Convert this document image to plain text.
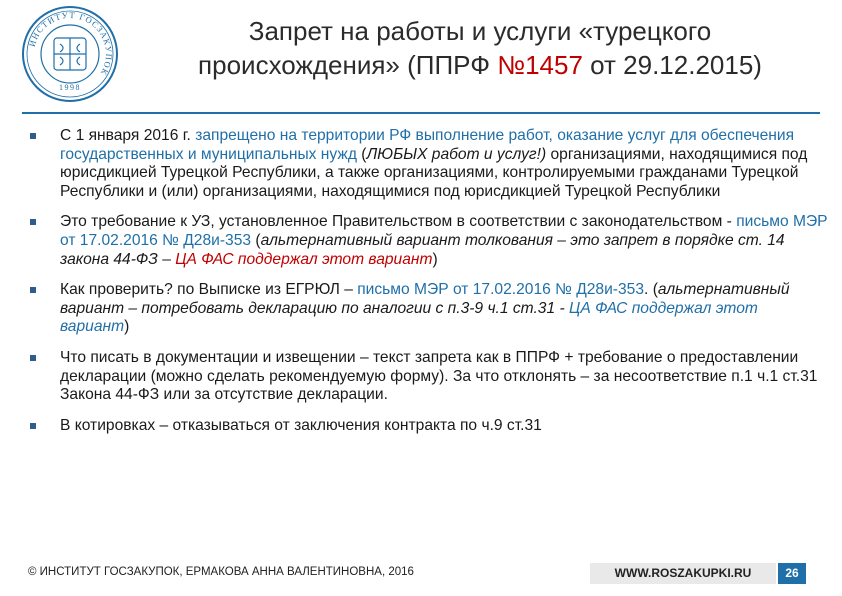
ИНСТИТУТ ГОСЗАКУПОК
1998
Запрет на работы и услуги «турецкого
происхождения» (ППРФ №1457 от 29.12.2015)
С 1 января 2016 г. запрещено на территории РФ выполнение работ, оказание услуг для обеспечения государственных и муниципальных нужд (ЛЮБЫХ работ и услуг!) организациями, находящимися под юрисдикцией Турецкой Республики, а также организациями, контролируемыми гражданами Турецкой Республики и (или) организациями, находящимися под юрисдикцией Турецкой Республики
Это требование к УЗ, установленное Правительством в соответствии с законодательством - письмо МЭР от 17.02.2016 № Д28и-353 (альтернативный вариант толкования – это запрет в порядке ст. 14 закона 44-ФЗ – ЦА ФАС поддержал этот вариант)
Как проверить? по Выписке из ЕГРЮЛ – письмо МЭР от 17.02.2016 № Д28и-353. (альтернативный вариант – потребовать декларацию по аналогии с п.3-9 ч.1 ст.31 - ЦА ФАС поддержал этот вариант)
Что писать в документации и извещении – текст запрета как в ППРФ + требование о предоставлении декларации (можно сделать рекомендуемую форму). За что отклонять – за несоответствие п.1 ч.1 ст.31 Закона 44-ФЗ или за отсутствие декларации.
В котировках – отказываться от заключения контракта по ч.9 ст.31
© ИНСТИТУТ ГОСЗАКУПОК, ЕРМАКОВА АННА ВАЛЕНТИНОВНА, 2016	WWW.ROSZAKUPKI.RU	26
